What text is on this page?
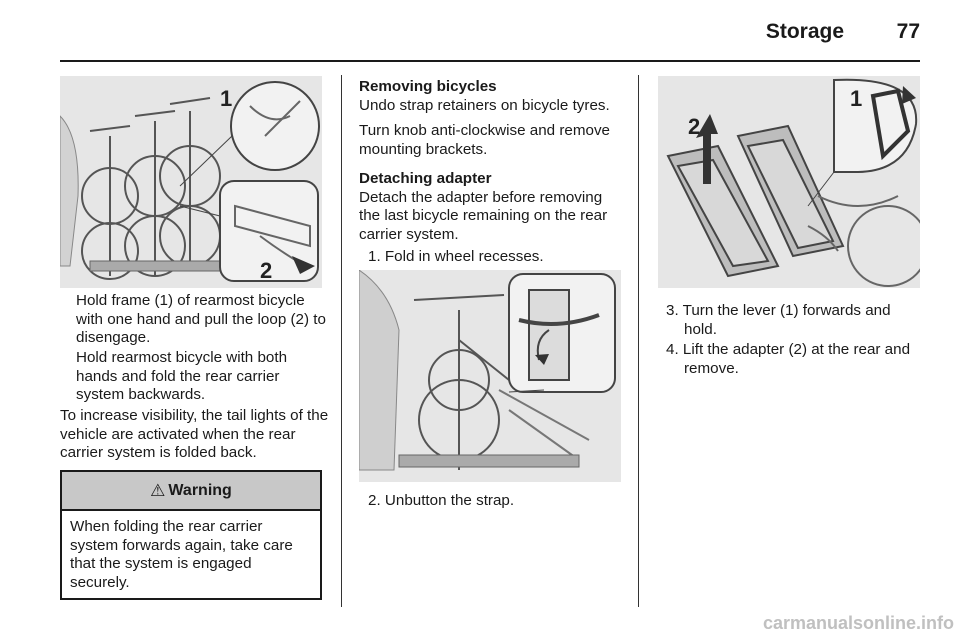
Storage	77
1
2

Hold frame (1) of rearmost bicycle with one hand and pull the loop (2) to disengage.

Hold rearmost bicycle with both hands and fold the rear carrier system backwards.

To increase visibility, the tail lights of the vehicle are activated when the rear carrier system is folded back.

⚠ Warning
When folding the rear carrier system forwards again, take care that the system is engaged securely.

Removing bicycles

Undo strap retainers on bicycle tyres.

Turn knob anti-clockwise and remove mounting brackets.

Detaching adapter

Detach the adapter before removing the last bicycle remaining on the rear carrier system.

1. Fold in wheel recesses.
2. Unbutton the strap.
2
1
3. Turn the lever (1) forwards and hold.
4. Lift the adapter (2) at the rear and remove.
carmanualsonline.info
